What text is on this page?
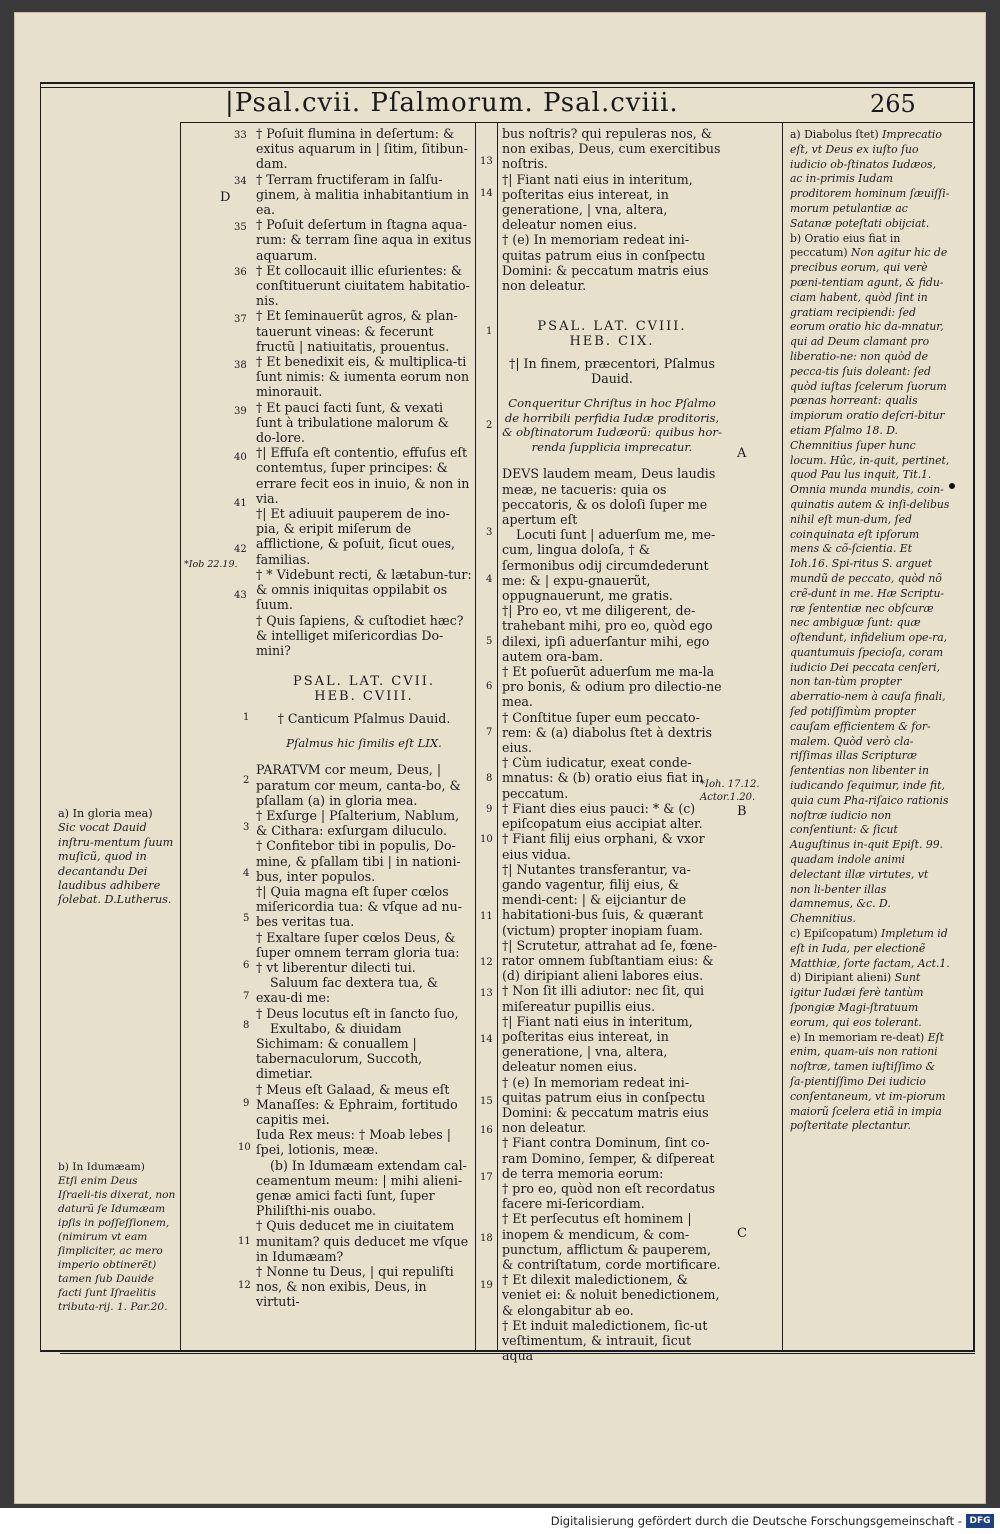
|Psal.cvii. Pſalmorum. Psal.cviii.	265
33
34
35
36
37
38
39
40
41
42
43
1
2
3
4
5
6
7
8
9
10
11
12
D
A
B
C
*Iob 22.19.
*Ioh. 17.12. Actor.1.20.
a) In gloria mea)
Sic vocat Dauid inſtru-mentum ſuum muſicũ, quod in decantandu Dei laudibus adhibere ſolebat. D.Lutherus.
b) In Idumæam)
Etſi enim Deus Iſraeli-tis dixerat, non daturũ ſe Idumæam ipſis in poſſeſſionem,(nimirum vt eam ſimpliciter, ac mero imperio obtinerẽt) tamen ſub Dauide facti ſunt Iſraelitis tributa-rij. 1. Par.20.

† Poſuit flumina in deſertum: & exitus aquarum in | ſitim, ſitibun-dam.

† Terram fructiferam in ſalſu-ginem, à malitia inhabitantium in ea.

† Poſuit deſertum in ſtagna aqua-rum: & terram ſine aqua in exitus aquarum.

† Et collocauit illic eſurientes: & conſtituerunt ciuitatem habitatio-nis.

† Et ſeminauerũt agros, & plan-tauerunt vineas: & fecerunt fructũ | natiuitatis, prouentus.

† Et benedixit eis, & multiplica-ti ſunt nimis: & iumenta eorum non minorauit.

† Et pauci facti ſunt, & vexati ſunt à tribulatione malorum & do-lore.

†| Effuſa eſt contentio, effuſus eſt contemtus, ſuper principes: & errare fecit eos in inuio, & non in via.

†| Et adiuuit pauperem de ino-pia, & eripit miſerum de afflictione, & poſuit, ſicut oues, familias.

† * Videbunt recti, & lætabun-tur: & omnis iniquitas oppilabit os ſuum.

† Quis ſapiens, & cuſtodiet hæc? & intelliget miſericordias Do-mini?

PSAL. LAT. CVII.

HEB. CVIII.

† Canticum Pſalmus Dauid.

Pſalmus hic ſimilis eſt LIX.

PARATVM cor meum, Deus, | paratum cor meum, canta-bo, & pſallam (a) in gloria mea.

† Exſurge | Pſalterium, Nablum, & Cithara: exſurgam diluculo.

† Confitebor tibi in populis, Do-mine, & pſallam tibi | in nationi-bus, inter populos.

†| Quia magna eſt ſuper cœlos miſericordia tua: & vſque ad nu-bes veritas tua.

† Exaltare ſuper cœlos Deus, & ſuper omnem terram gloria tua:

† vt liberentur dilecti tui.

Saluum fac dextera tua, & exau-di me:

† Deus locutus eſt in ſancto ſuo,

Exultabo, & diuidam Sichimam: & conuallem | tabernaculorum, Succoth, dimetiar.

† Meus eſt Galaad, & meus eſt Manaſſes: & Ephraim, fortitudo capitis mei.

Iuda Rex meus: † Moab lebes | ſpei, lotionis, meæ.

(b) In Idumæam extendam cal-ceamentum meum: | mihi alieni-genæ amici facti ſunt, ſuper Philiſthi-nis ouabo.

† Quis deducet me in ciuitatem munitam? quis deducet me vſque in Idumæam?

† Nonne tu Deus, | qui repuliſti nos, & non exibis, Deus, in virtuti-

13
14
1
2
3
4
5
6
7
8
9
10
11
12
13
14
15
16
17
18
19

bus noſtris? qui repuleras nos, & non exibas, Deus, cum exercitibus noſtris.

†| Fiant nati eius in interitum, poſteritas eius intereat, in generatione, | vna, altera, deleatur nomen eius.

† (e) In memoriam redeat ini-quitas patrum eius in conſpectu Domini: & peccatum matris eius non deleatur.

PSAL. LAT. CVIII.

HEB. CIX.

†| In finem, præcentori, Pſalmus Dauid.

Conqueritur Chriſtus in hoc Pſalmo de horribili perfidia Iudæ proditoris, & obſtinatorum Iudæorũ: quibus hor-renda ſupplicia imprecatur.

DEVS laudem meam, Deus laudis meæ, ne tacueris: quia os peccatoris, & os doloſi ſuper me apertum eſt

Locuti ſunt | aduerſum me, me-cum, lingua doloſa, † & ſermonibus odij circumdederunt me: & | expu-gnauerũt, oppugnauerunt, me gratis.

†| Pro eo, vt me diligerent, de-trahebant mihi, pro eo, quòd ego dilexi, ipſi aduerſantur mihi, ego autem ora-bam.

† Et poſuerũt aduerſum me ma-la pro bonis, & odium pro dilectio-ne mea.

† Conſtitue ſuper eum peccato-rem: & (a) diabolus ſtet à dextris eius.

† Cùm iudicatur, exeat conde-mnatus: & (b) oratio eius fiat in peccatum.

† Fiant dies eius pauci: * & (c) epiſcopatum eius accipiat alter.

† Fiant filij eius orphani, & vxor eius vidua.

†| Nutantes transferantur, va-gando vagentur, filij eius, & mendi-cent: | & eijciantur de habitationi-bus ſuis, & quærant (victum) propter inopiam ſuam.

†| Scrutetur, attrahat ad ſe, fœne-rator omnem ſubſtantiam eius: & (d) diripiant alieni labores eius.

† Non ſit illi adiutor: nec ſit, qui miſereatur pupillis eius.

†| Fiant nati eius in interitum, poſteritas eius intereat, in generatione, | vna, altera, deleatur nomen eius.

† (e) In memoriam redeat ini-quitas patrum eius in conſpectu Domini: & peccatum matris eius non deleatur.

† Fiant contra Dominum, ſint co-ram Domino, ſemper, & diſpereat de terra memoria eorum:

† pro eo, quòd non eſt recordatus facere mi-ſericordiam.

† Et perſecutus eſt hominem | inopem & mendicum, & com-punctum, afflictum & pauperem, & contriſtatum, corde mortificare.

† Et dilexit maledictionem, & veniet ei: & noluit benedictionem, & elongabitur ab eo.

† Et induit maledictionem, ſic-ut veſtimentum, & intrauit, ſicut aqua

a) Diabolus ſtet) Imprecatio eſt, vt Deus ex iuſto ſuo iudicio ob-ſtinatos Iudæos, ac in-primis Iudam proditorem hominum ſæuiſſi-morum petulantiæ ac Satanæ poteſtati obijciat.
b) Oratio eius fiat in peccatum) Non agitur hic de precibus eorum, qui verè pœni-tentiam agunt, & fidu-ciam habent, quòd ſint in gratiam recipiendi: ſed eorum oratio hic da-mnatur, qui ad Deum clamant pro liberatio-ne: non quòd de pecca-tis ſuis doleant: ſed quòd iuſtas ſcelerum ſuorum pœnas horreant: qualis impiorum oratio deſcri-bitur etiam Pſalmo 18. D. Chemnitius ſuper hunc locum. Hûc, in-quit, pertinet, quod Pau lus inquit, Tit.1. Omnia munda mundis, coin-quinatis autem & inſi-delibus nihil eſt mun-dum, ſed coinquinata eſt ipſorum mens & cõ-ſcientia. Et Ioh.16. Spi-ritus S. arguet mundũ de peccato, quòd nõ crẽ-dunt in me. Hæ Scriptu-ræ ſententiæ nec obſcuræ nec ambiguæ ſunt: quæ oſtendunt, infidelium ope-ra, quantumuis ſpecioſa, coram iudicio Dei peccata cenſeri, non tan-tùm propter aberratio-nem à cauſa finali, ſed potiſſimùm propter cauſam efficientem & for-malem. Quòd verò cla-riſſimas illas Scripturæ ſententias non libenter in iudicando ſequimur, inde fit, quia cum Pha-riſaico rationis noſtræ iudicio non conſentiunt: & ſicut Auguſtinus in-quit Epiſt. 99. quadam indole animi delectant illæ virtutes, vt non li-benter illas damnemus, &c. D. Chemnitius.
c) Epiſcopatum) Impletum id eſt in Iuda, per electionẽ Matthiæ, ſorte factam, Act.1.
d) Diripiant alieni) Sunt igitur Iudæi ferè tantùm ſpongiæ Magi-ſtratuum eorum, qui eos tolerant.
e) In memoriam re-deat) Eſt enim, quam-uis non rationi noſtræ, tamen iuſtiſſimo & ſa-pientiſſimo Dei iudicio conſentaneum, vt im-piorum maiorũ ſcelera etiã in impia poſteritate plectantur.
Digitalisierung gefördert durch die Deutsche Forschungsgemeinschaft - DFG
